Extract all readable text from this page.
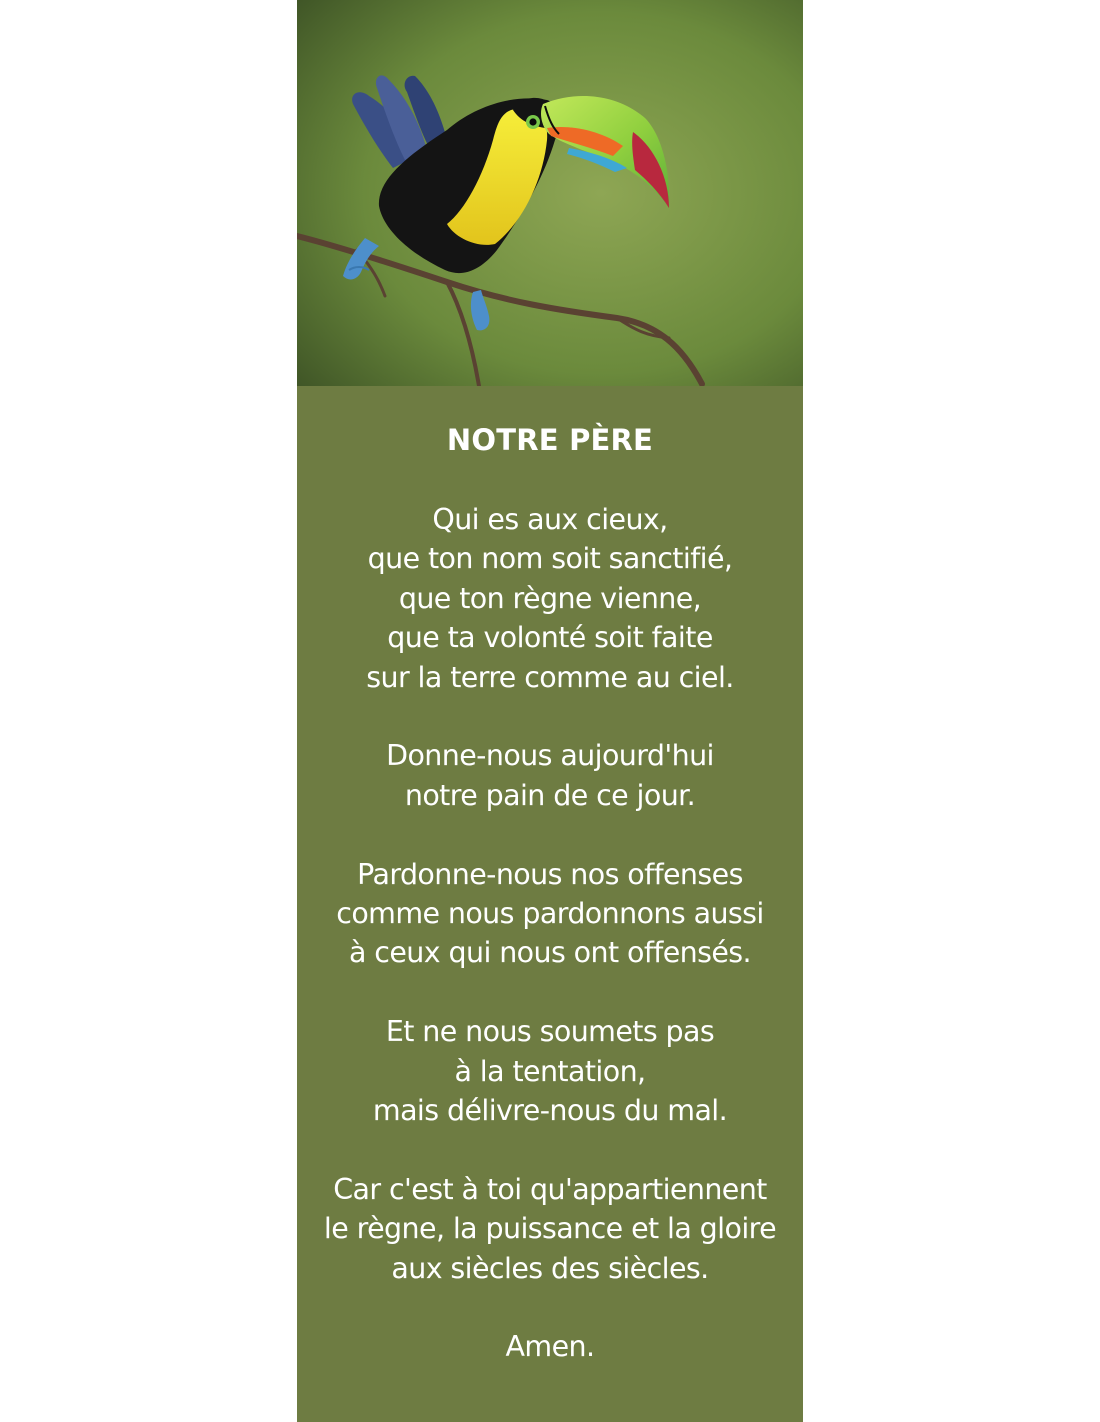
NOTRE PÈRE
Qui es aux cieux,
que ton nom soit sanctifié,
que ton règne vienne,
que ta volonté soit faite
sur la terre comme au ciel.
Donne-nous aujourd'hui
notre pain de ce jour.
Pardonne-nous nos offenses
comme nous pardonnons aussi
à ceux qui nous ont offensés.
Et ne nous soumets pas
à la tentation,
mais délivre-nous du mal.
Car c'est à toi qu'appartiennent
le règne, la puissance et la gloire
aux siècles des siècles.
Amen.
